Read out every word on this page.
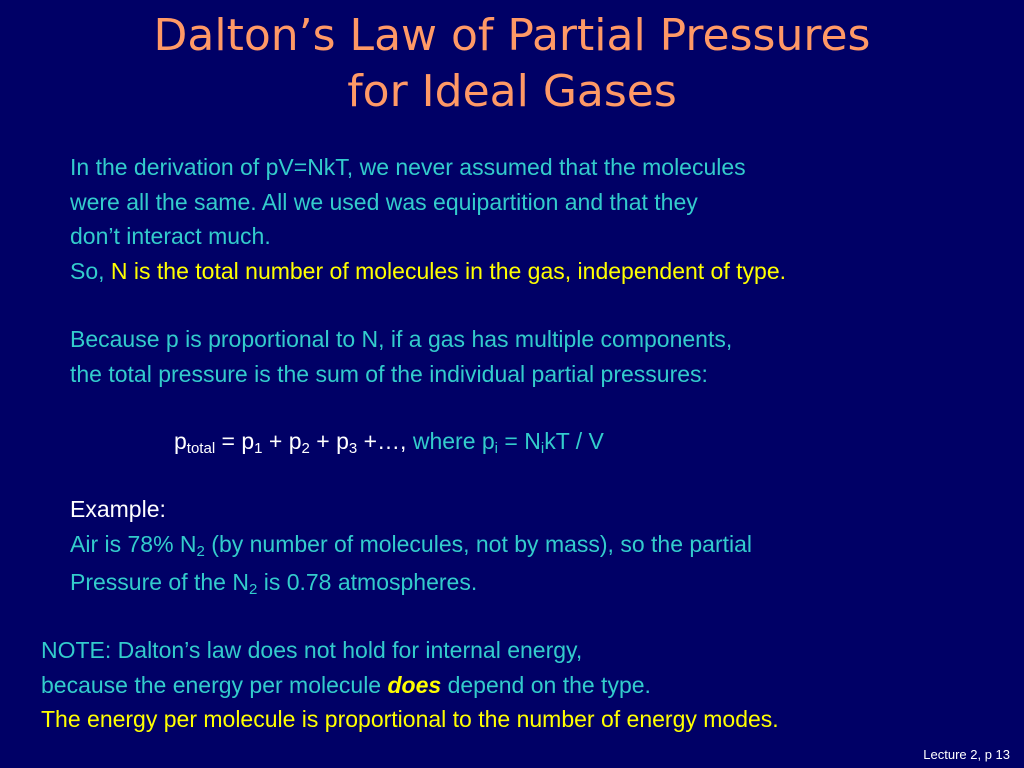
Dalton’s Law of Partial Pressures
for Ideal Gases
In the derivation of pV=NkT, we never assumed that the molecules
were all the same. All we used was equipartition and that they
don’t interact much.
So, N is the total number of molecules in the gas, independent of type.
Because p is proportional to N, if a gas has multiple components,
the total pressure is the sum of the individual partial pressures:
ptotal = p1 + p2 + p3 +…, where pi = NikT / V
Example:
Air is 78% N2 (by number of molecules, not by mass), so the partial
Pressure of the N2 is 0.78 atmospheres.
NOTE: Dalton’s law does not hold for internal energy,
because the energy per molecule does depend on the type.
The energy per molecule is proportional to the number of energy modes.
Lecture 2, p 13
